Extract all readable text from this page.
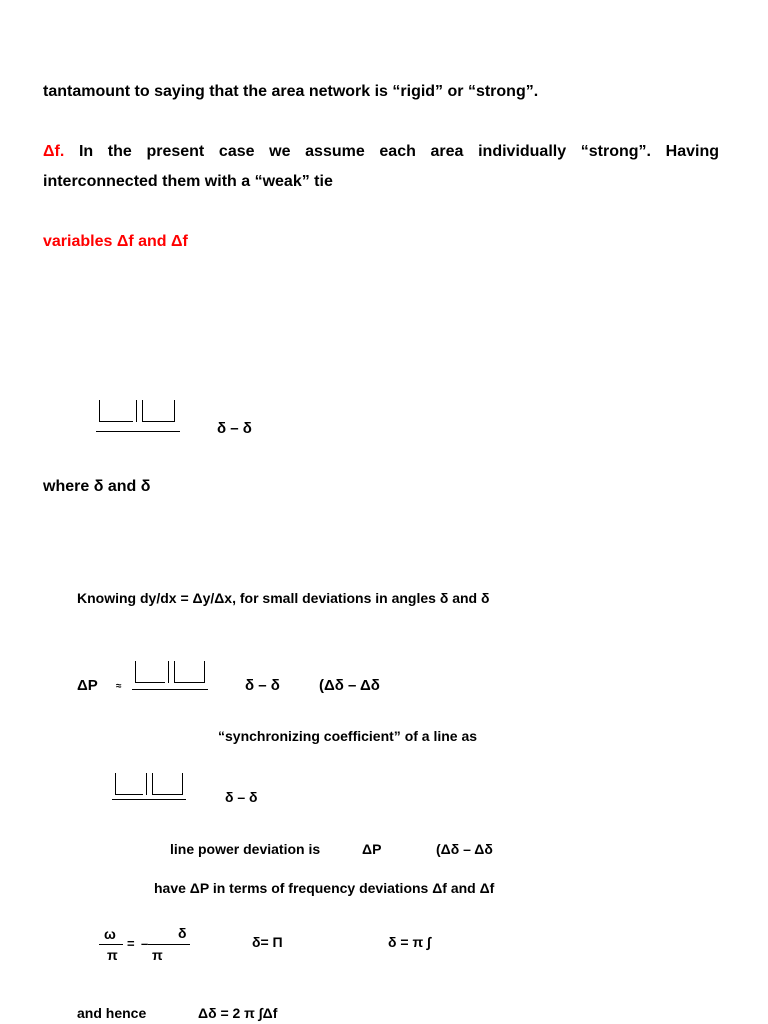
tantamount to saying that the area network is “rigid” or “strong”.
Δf. In the present case we assume each area individually “strong”. Having
interconnected them with a “weak” tie
variables Δf and Δf
δ – δ
where δ and δ
Knowing dy/dx = Δy/Δx, for small deviations in angles δ and δ
ΔP ≈	δ – δ	(Δδ – Δδ
“synchronizing coefficient” of a line as
δ – δ
line power deviation is	ΔP	(Δδ – Δδ
have ΔP in terms of frequency deviations Δf and Δf
ω
π
= –
δ
π
δ= Π	δ = π ∫
and hence	Δδ = 2 π ∫Δf
